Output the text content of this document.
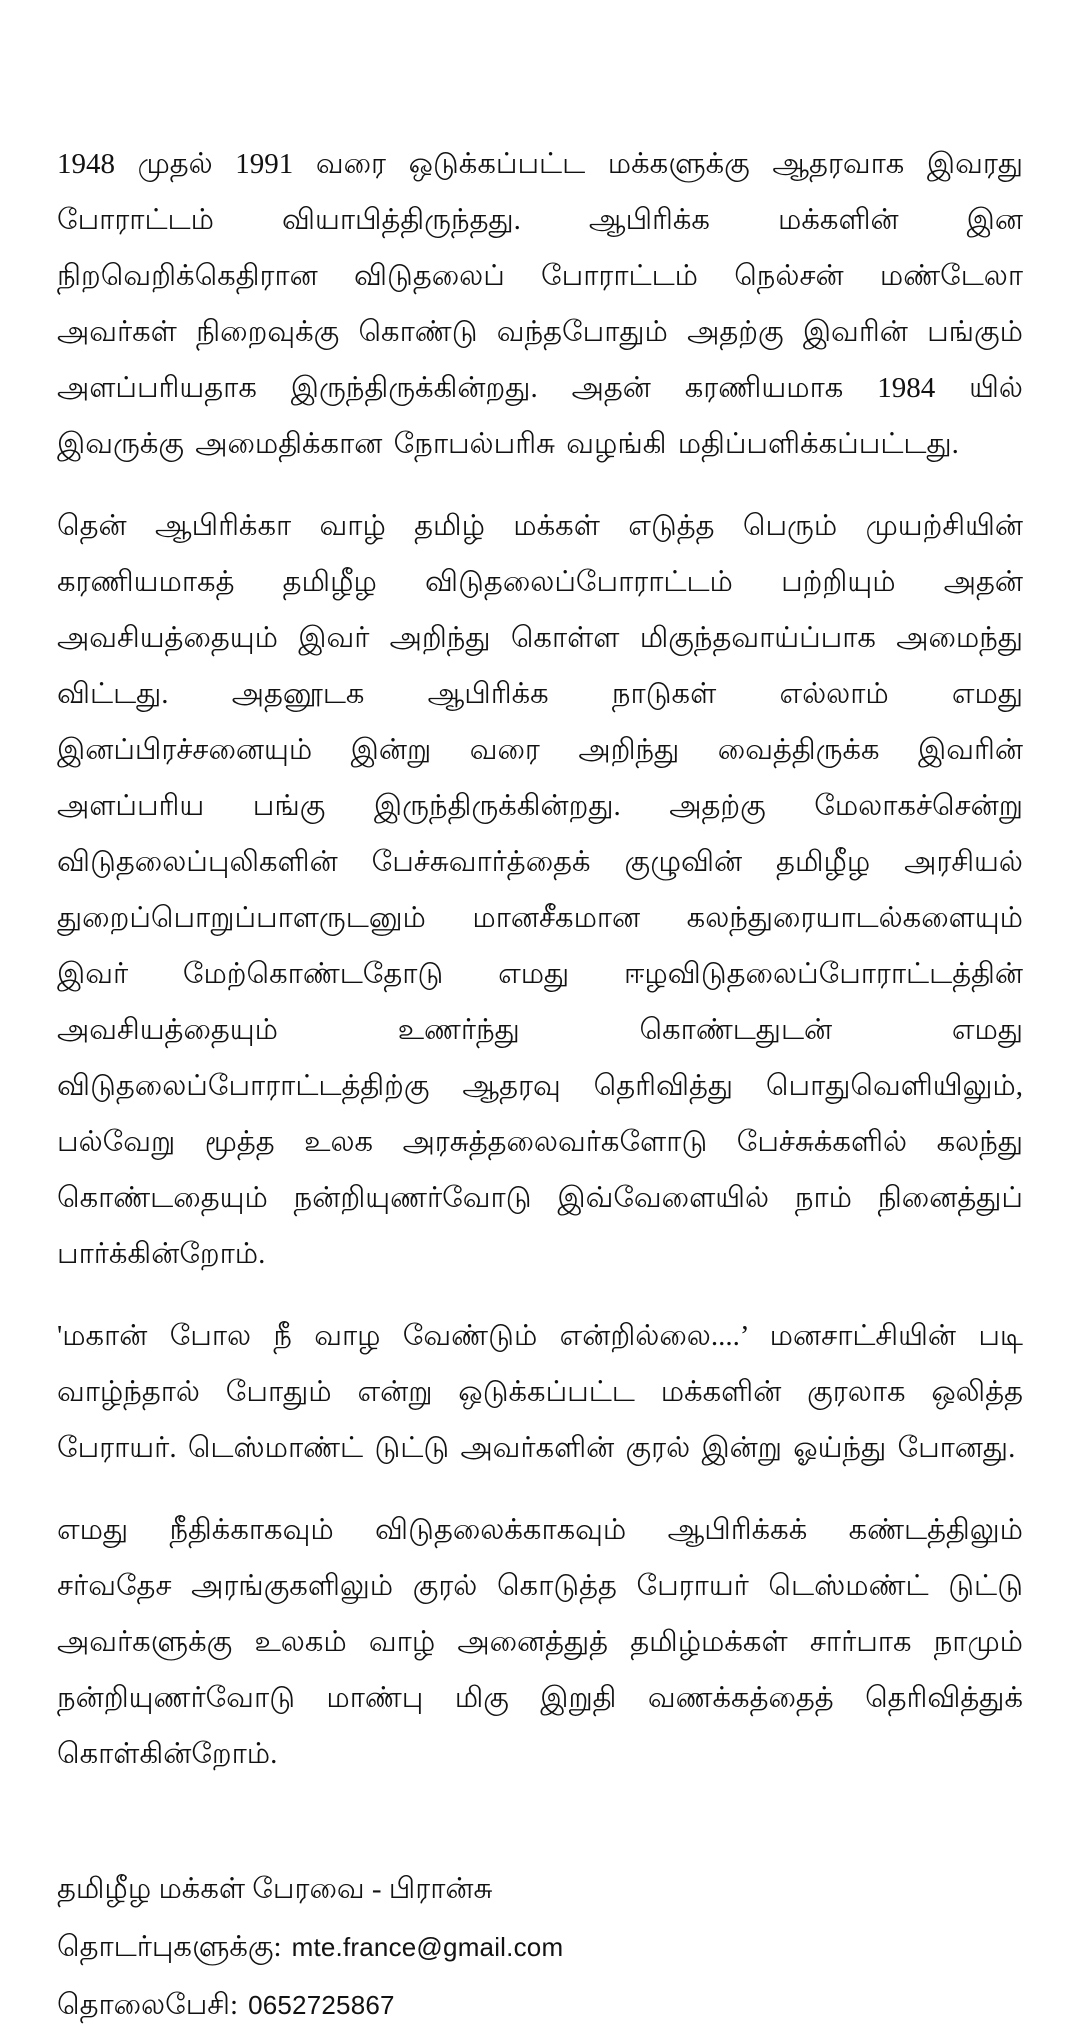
1948 முதல் 1991 வரை ஒடுக்கப்பட்ட மக்களுக்கு ஆதரவாக இவரது போராட்டம் வியாபித்திருந்தது. ஆபிரிக்க மக்களின் இன நிறவெறிக்கெதிரான விடுதலைப் போராட்டம் நெல்சன் மண்டேலா அவர்கள் நிறைவுக்கு கொண்டு வந்தபோதும் அதற்கு இவரின் பங்கும் அளப்பரியதாக இருந்திருக்கின்றது. அதன் கரணியமாக 1984 யில் இவருக்கு அமைதிக்கான நோபல்பரிசு வழங்கி மதிப்பளிக்கப்பட்டது.

தென் ஆபிரிக்கா வாழ் தமிழ் மக்கள் எடுத்த பெரும் முயற்சியின் கரணியமாகத் தமிழீழ விடுதலைப்போராட்டம் பற்றியும் அதன் அவசியத்தையும் இவர் அறிந்து கொள்ள மிகுந்தவாய்ப்பாக அமைந்து விட்டது. அதனூடக ஆபிரிக்க நாடுகள் எல்லாம் எமது இனப்பிரச்சனையும் இன்று வரை அறிந்து வைத்திருக்க இவரின் அளப்பரிய பங்கு இருந்திருக்கின்றது. அதற்கு மேலாகச்சென்று விடுதலைப்புலிகளின் பேச்சுவார்த்தைக் குழுவின் தமிழீழ அரசியல் துறைப்பொறுப்பாளருடனும் மானசீகமான கலந்துரையாடல்களையும் இவர் மேற்கொண்டதோடு எமது ஈழவிடுதலைப்போராட்டத்தின் அவசியத்தையும் உணர்ந்து கொண்டதுடன் எமது விடுதலைப்போராட்டத்திற்கு ஆதரவு தெரிவித்து பொதுவெளியிலும், பல்வேறு மூத்த உலக அரசுத்தலைவர்களோடு பேச்சுக்களில் கலந்து கொண்டதையும் நன்றியுணர்வோடு இவ்வேளையில் நாம் நினைத்துப் பார்க்கின்றோம்.

'மகான் போல நீ வாழ வேண்டும் என்றில்லை....’ மனசாட்சியின் படி வாழ்ந்தால் போதும் என்று ஒடுக்கப்பட்ட மக்களின் குரலாக ஒலித்த பேராயர். டெஸ்மாண்ட் டுட்டு அவர்களின் குரல் இன்று ஓய்ந்து போனது.

எமது நீதிக்காகவும் விடுதலைக்காகவும் ஆபிரிக்கக் கண்டத்திலும் சர்வதேச அரங்குகளிலும் குரல் கொடுத்த பேராயர் டெஸ்மண்ட் டுட்டு அவர்களுக்கு உலகம் வாழ் அனைத்துத் தமிழ்மக்கள் சார்பாக நாமும் நன்றியுணர்வோடு மாண்பு மிகு இறுதி வணக்கத்தைத் தெரிவித்துக் கொள்கின்றோம்.

தமிழீழ மக்கள் பேரவை - பிரான்சு
தொடர்புகளுக்கு: mte.france@gmail.com
தொலைபேசி: 0652725867
